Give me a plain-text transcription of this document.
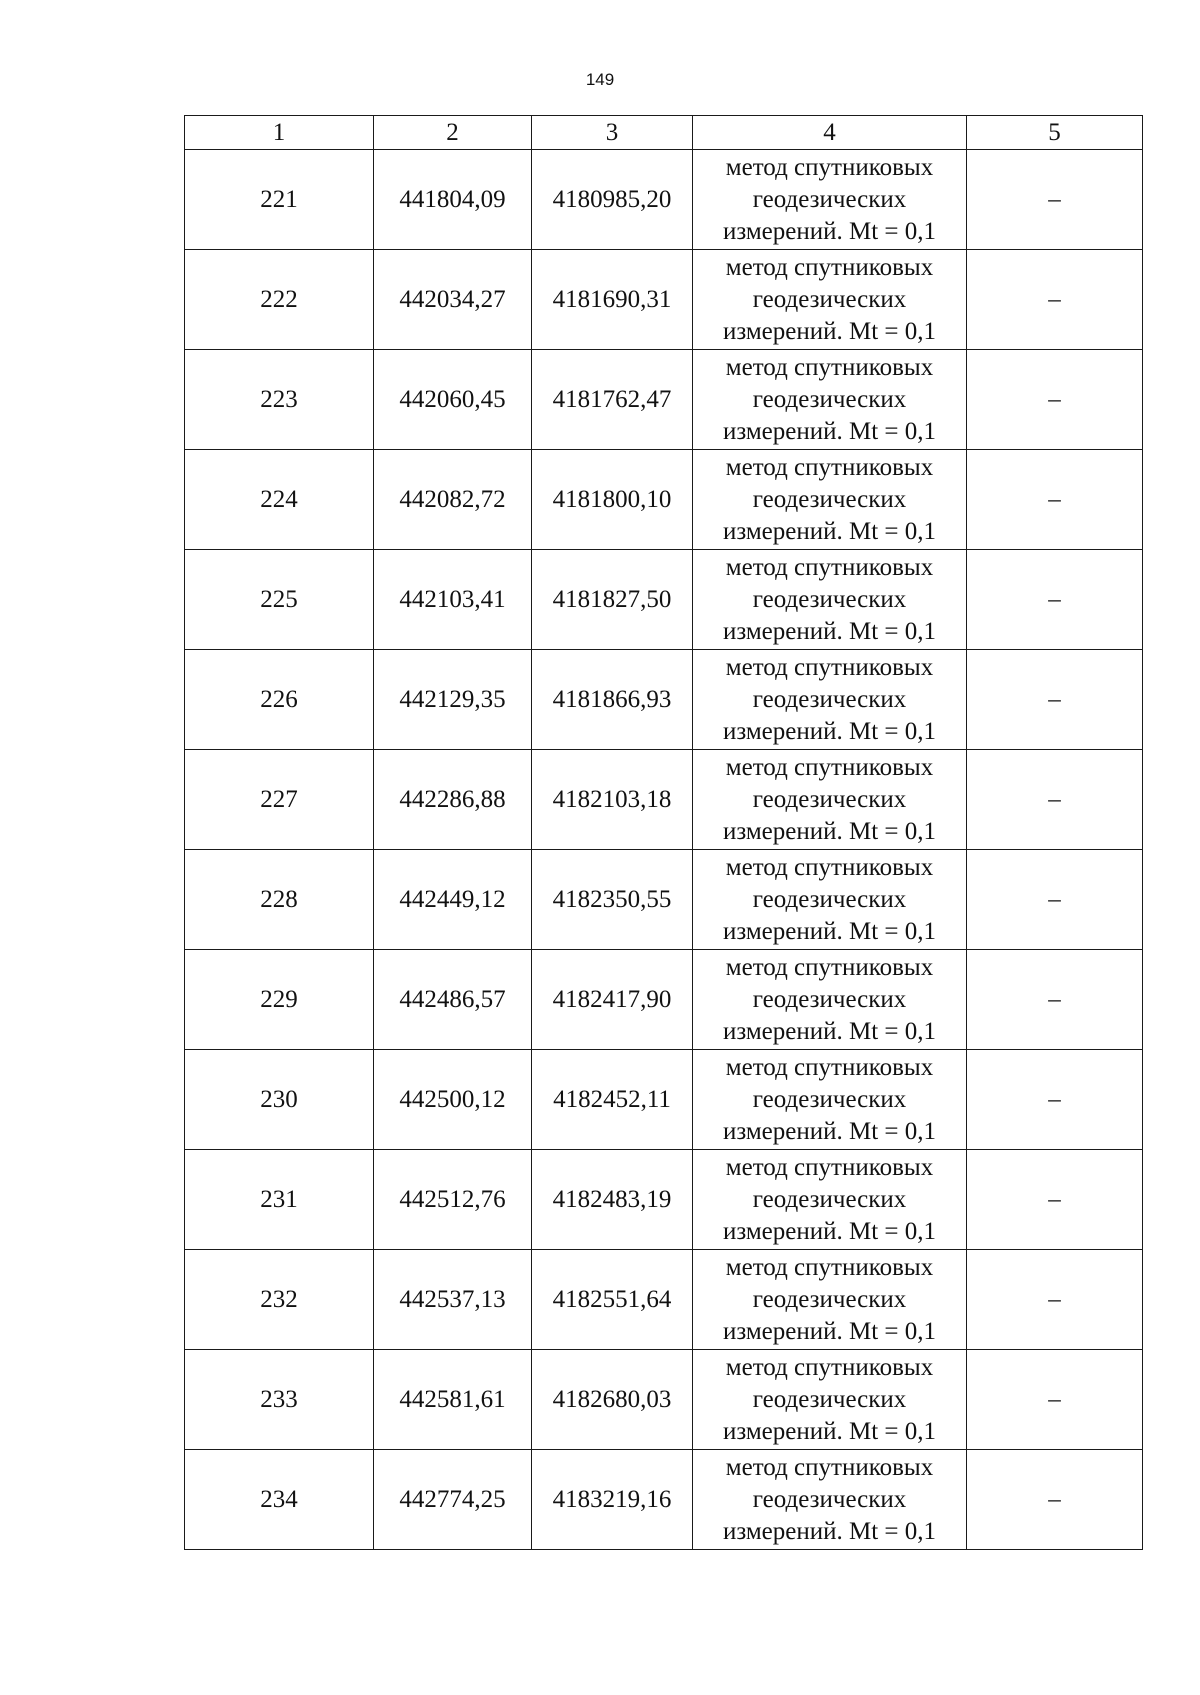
149
1	2	3	4	5
221	441804,09	4180985,20	метод спутниковых
геодезических
измерений. Mt = 0,1	–
222	442034,27	4181690,31	метод спутниковых
геодезических
измерений. Mt = 0,1	–
223	442060,45	4181762,47	метод спутниковых
геодезических
измерений. Mt = 0,1	–
224	442082,72	4181800,10	метод спутниковых
геодезических
измерений. Mt = 0,1	–
225	442103,41	4181827,50	метод спутниковых
геодезических
измерений. Mt = 0,1	–
226	442129,35	4181866,93	метод спутниковых
геодезических
измерений. Mt = 0,1	–
227	442286,88	4182103,18	метод спутниковых
геодезических
измерений. Mt = 0,1	–
228	442449,12	4182350,55	метод спутниковых
геодезических
измерений. Mt = 0,1	–
229	442486,57	4182417,90	метод спутниковых
геодезических
измерений. Mt = 0,1	–
230	442500,12	4182452,11	метод спутниковых
геодезических
измерений. Mt = 0,1	–
231	442512,76	4182483,19	метод спутниковых
геодезических
измерений. Mt = 0,1	–
232	442537,13	4182551,64	метод спутниковых
геодезических
измерений. Mt = 0,1	–
233	442581,61	4182680,03	метод спутниковых
геодезических
измерений. Mt = 0,1	–
234	442774,25	4183219,16	метод спутниковых
геодезических
измерений. Mt = 0,1	–
